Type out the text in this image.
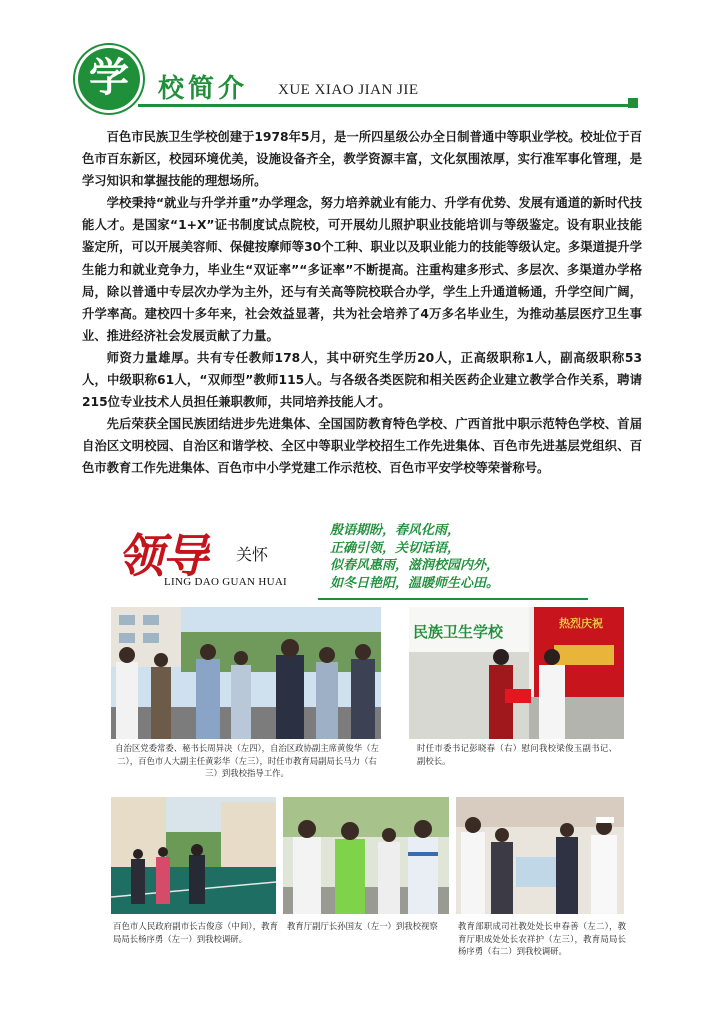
学	校简介 XUE XIAO JIAN JIE

百色市民族卫生学校创建于1978年5月，是一所四星级公办全日制普通中等职业学校。校址位于百色市百东新区，校园环境优美，设施设备齐全，教学资源丰富，文化氛围浓厚，实行准军事化管理，是学习知识和掌握技能的理想场所。

学校秉持“就业与升学并重”办学理念，努力培养就业有能力、升学有优势、发展有通道的新时代技能人才。是国家“1+X”证书制度试点院校，可开展幼儿照护职业技能培训与等级鉴定。设有职业技能鉴定所，可以开展美容师、保健按摩师等30个工种、职业以及职业能力的技能等级认定。多渠道提升学生能力和就业竞争力，毕业生“双证率”“多证率”不断提高。注重构建多形式、多层次、多渠道办学格局，除以普通中专层次办学为主外，还与有关高等院校联合办学，学生上升通道畅通，升学空间广阔，升学率高。建校四十多年来，社会效益显著，共为社会培养了4万多名毕业生，为推动基层医疗卫生事业、推进经济社会发展贡献了力量。

师资力量雄厚。共有专任教师178人，其中研究生学历20人，正高级职称1人，副高级职称53人，中级职称61人，“双师型”教师115人。与各级各类医院和相关医药企业建立教学合作关系，聘请215位专业技术人员担任兼职教师，共同培养技能人才。

先后荣获全国民族团结进步先进集体、全国国防教育特色学校、广西首批中职示范特色学校、首届自治区文明校园、自治区和谐学校、全区中等职业学校招生工作先进集体、百色市先进基层党组织、百色市教育工作先进集体、百色市中小学党建工作示范校、百色市平安学校等荣誉称号。

领导 关怀
LING DAO GUAN HUAI
殷语期盼，春风化雨，
正确引领，关切话语，
似春风惠雨，滋润校园内外，
如冬日艳阳，温暖师生心田。
自治区党委常委、秘书长周异决（左四），自治区政协副主席黄俊华（左二），百色市人大副主任黄彩华（左三），时任市教育局副局长马力（右三）到我校指导工作。
民族卫生学校	热烈庆祝
时任市委书记彭晓春（右）慰问我校梁俊玉副书记、副校长。
百色市人民政府副市长古俊彦（中间），教育局局长杨序勇（左一）到我校调研。
教育厅副厅长孙国友（左一）到我校视察	教育部职成司社教处处长申春善（左二），教育厅职成处处长农祥护（左三），教育局局长杨序勇（右二）到我校调研。
